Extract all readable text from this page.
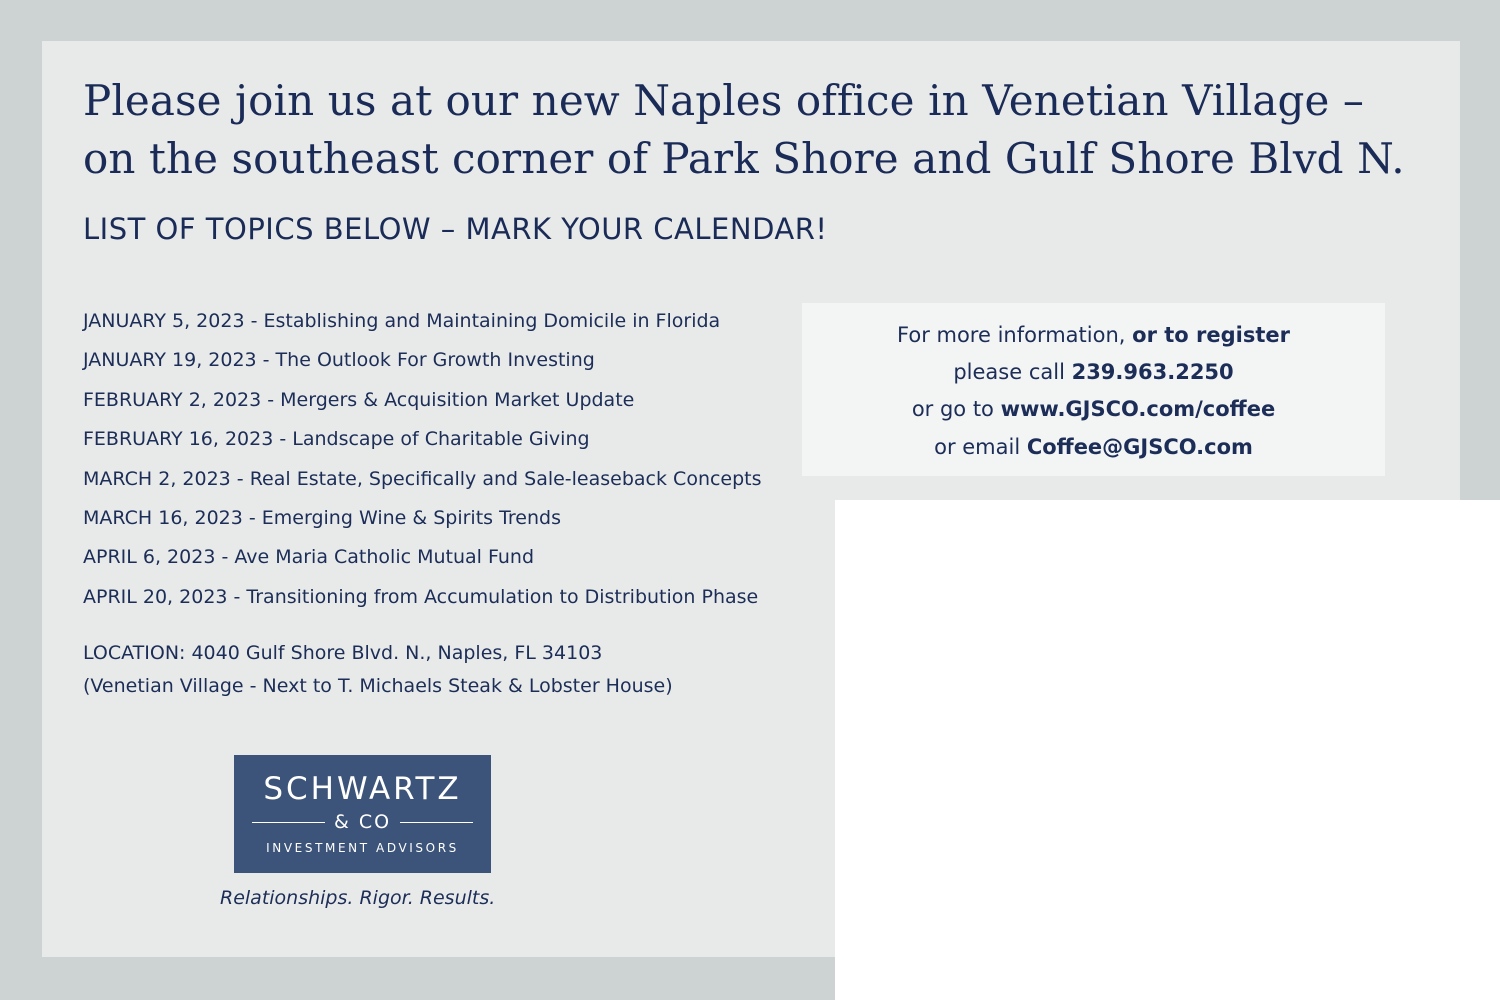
Please join us at our new Naples office in Venetian Village –
on the southeast corner of Park Shore and Gulf Shore Blvd N.
LIST OF TOPICS BELOW – MARK YOUR CALENDAR!
JANUARY 5, 2023 - Establishing and Maintaining Domicile in Florida
JANUARY 19, 2023 - The Outlook For Growth Investing
FEBRUARY 2, 2023 - Mergers & Acquisition Market Update
FEBRUARY 16, 2023 - Landscape of Charitable Giving
MARCH 2, 2023 - Real Estate, Specifically and Sale-leaseback Concepts
MARCH 16, 2023 - Emerging Wine & Spirits Trends
APRIL 6, 2023 - Ave Maria Catholic Mutual Fund
APRIL 20, 2023 - Transitioning from Accumulation to Distribution Phase
LOCATION: 4040 Gulf Shore Blvd. N., Naples, FL 34103
(Venetian Village - Next to T. Michaels Steak & Lobster House)
For more information, or to register
please call 239.963.2250
or go to www.GJSCO.com/coffee
or email Coffee@GJSCO.com
SCHWARTZ
& CO
INVESTMENT ADVISORS
Relationships. Rigor. Results.
